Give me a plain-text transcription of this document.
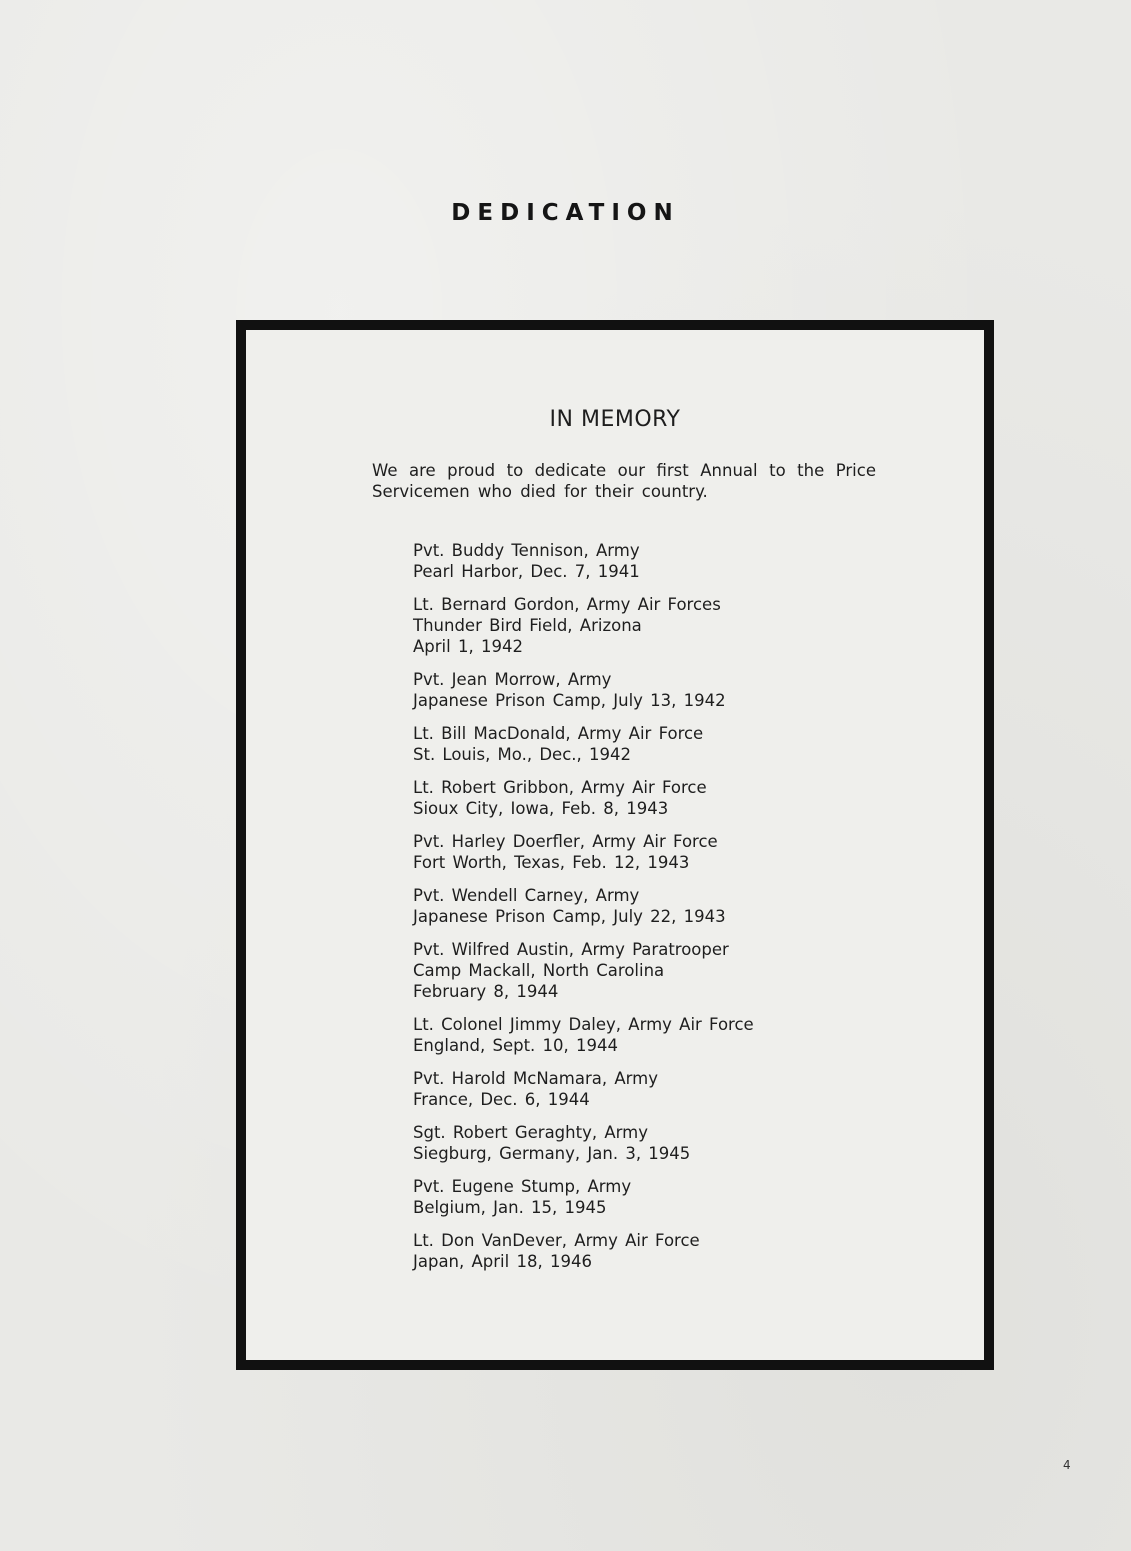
DEDICATION
IN MEMORY
We are proud to dedicate our first Annual to the Price Servicemen who died for their country.
Pvt. Buddy Tennison, Army
Pearl Harbor, Dec. 7, 1941
Lt. Bernard Gordon, Army Air Forces
Thunder Bird Field, Arizona
April 1, 1942
Pvt. Jean Morrow, Army
Japanese Prison Camp, July 13, 1942
Lt. Bill MacDonald, Army Air Force
St. Louis, Mo., Dec., 1942
Lt. Robert Gribbon, Army Air Force
Sioux City, Iowa, Feb. 8, 1943
Pvt. Harley Doerfler, Army Air Force
Fort Worth, Texas, Feb. 12, 1943
Pvt. Wendell Carney, Army
Japanese Prison Camp, July 22, 1943
Pvt. Wilfred Austin, Army Paratrooper
Camp Mackall, North Carolina
February 8, 1944
Lt. Colonel Jimmy Daley, Army Air Force
England, Sept. 10, 1944
Pvt. Harold McNamara, Army
France, Dec. 6, 1944
Sgt. Robert Geraghty, Army
Siegburg, Germany, Jan. 3, 1945
Pvt. Eugene Stump, Army
Belgium, Jan. 15, 1945
Lt. Don VanDever, Army Air Force
Japan, April 18, 1946
4
